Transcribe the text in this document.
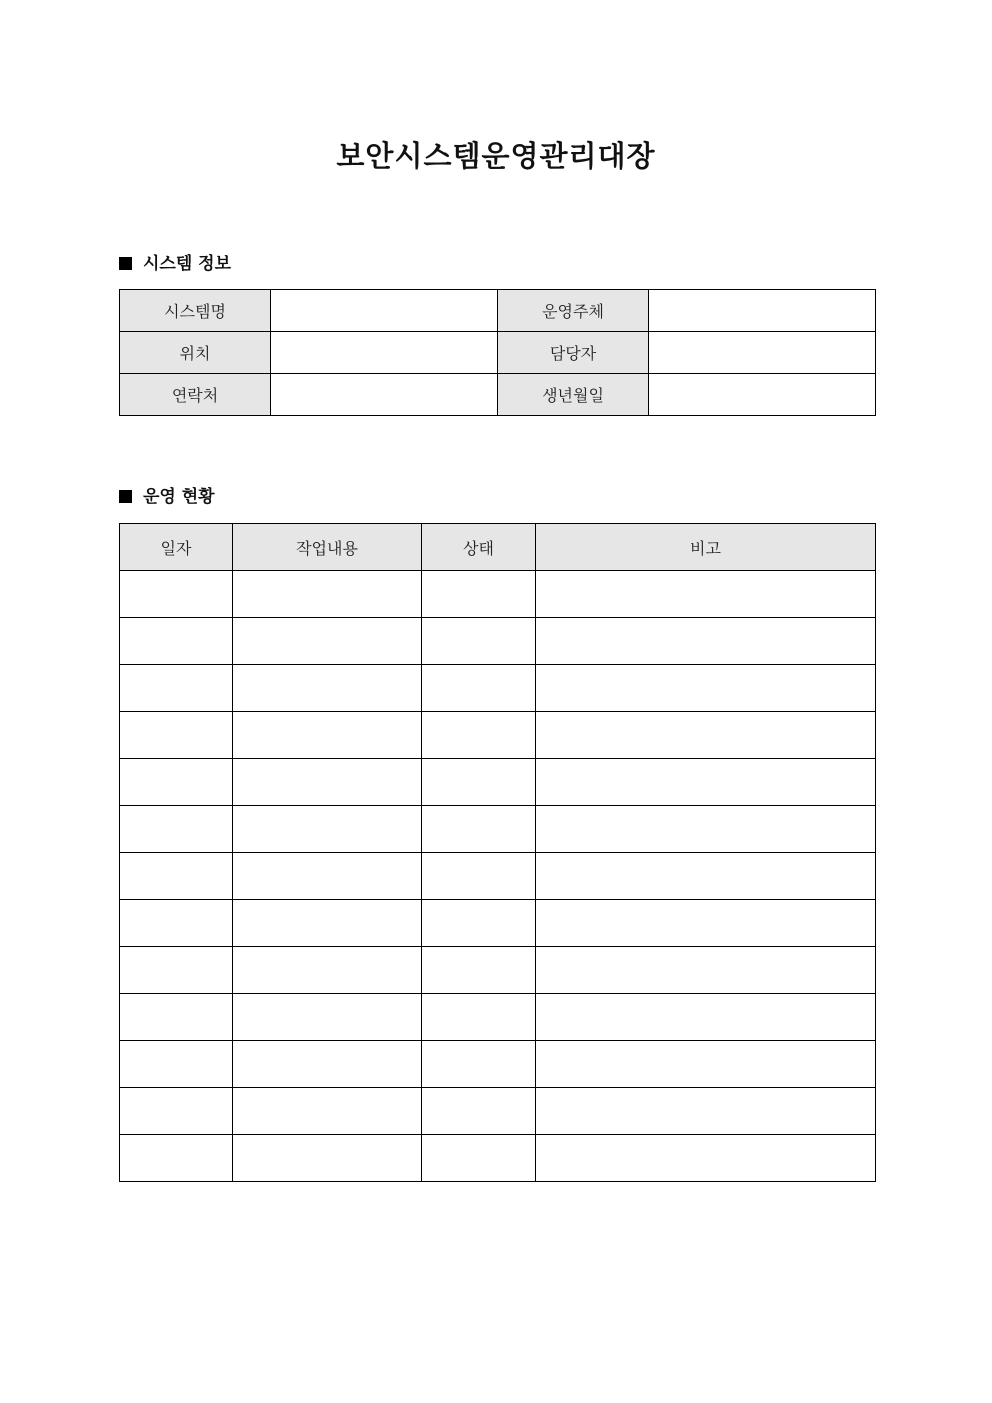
보안시스템운영관리대장
시스템 정보
시스템명		운영주체	
위치		담당자	
연락처		생년월일	
운영 현황
일자	작업내용	상태	비고
